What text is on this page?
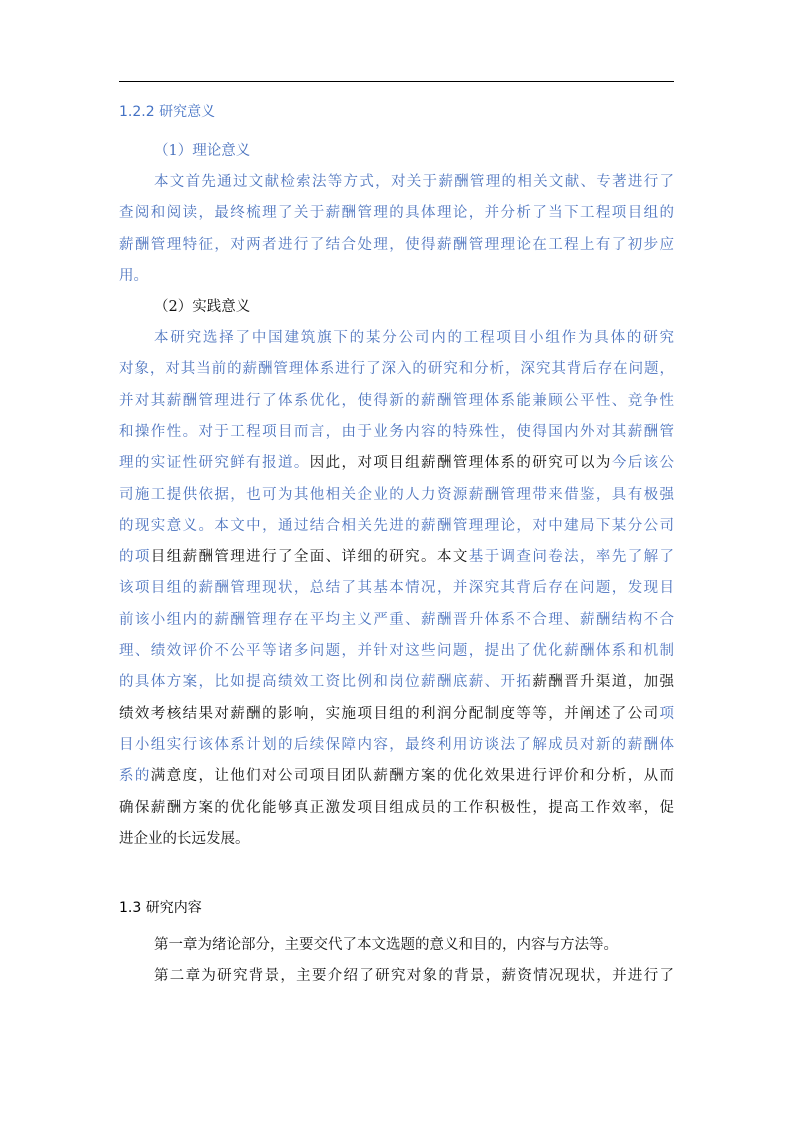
1.2.2 研究意义
（1）理论意义
本文首先通过文献检索法等方式，对关于薪酬管理的相关文献、专著进行了
查阅和阅读，最终梳理了关于薪酬管理的具体理论，并分析了当下工程项目组的
薪酬管理特征，对两者进行了结合处理，使得薪酬管理理论在工程上有了初步应
用。
（2）实践意义
本研究选择了中国建筑旗下的某分公司内的工程项目小组作为具体的研究
对象，对其当前的薪酬管理体系进行了深入的研究和分析，深究其背后存在问题，
并对其薪酬管理进行了体系优化，使得新的薪酬管理体系能兼顾公平性、竞争性
和操作性。对于工程项目而言，由于业务内容的特殊性，使得国内外对其薪酬管
理的实证性研究鲜有报道。因此，对项目组薪酬管理体系的研究可以为今后该公
司施工提供依据，也可为其他相关企业的人力资源薪酬管理带来借鉴，具有极强
的现实意义。本文中，通过结合相关先进的薪酬管理理论，对中建局下某分公司
的项目组薪酬管理进行了全面、详细的研究。本文基于调查问卷法，率先了解了
该项目组的薪酬管理现状，总结了其基本情况，并深究其背后存在问题，发现目
前该小组内的薪酬管理存在平均主义严重、薪酬晋升体系不合理、薪酬结构不合
理、绩效评价不公平等诸多问题，并针对这些问题，提出了优化薪酬体系和机制
的具体方案，比如提高绩效工资比例和岗位薪酬底薪、开拓薪酬晋升渠道，加强
绩效考核结果对薪酬的影响，实施项目组的利润分配制度等等，并阐述了公司项
目小组实行该体系计划的后续保障内容，最终利用访谈法了解成员对新的薪酬体
系的满意度，让他们对公司项目团队薪酬方案的优化效果进行评价和分析，从而
确保薪酬方案的优化能够真正激发项目组成员的工作积极性，提高工作效率，促
进企业的长远发展。
1.3 研究内容
第一章为绪论部分，主要交代了本文选题的意义和目的，内容与方法等。
第二章为研究背景，主要介绍了研究对象的背景，薪资情况现状，并进行了
